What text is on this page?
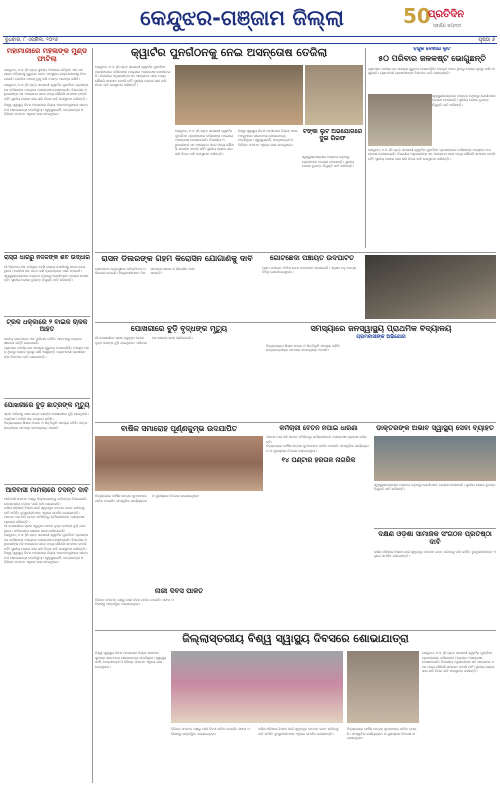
କେନ୍ଦୁଝର-ଗଞ୍ଜାମ ଜିଲ୍ଲା	50
ପ୍ରତିଦିନ
ସ୍ଵର୍ଣ୍ଣ ଜୟନ୍ତୀ
ବୁଧବାର, ୮ ଏପ୍ରିଲ, ୨୦୨୬	ପୃଷ୍ଠା ୬
ମହାମାରୀରେ ମହିଳାଙ୍କ ମୁଣ୍ଡ ଫାଟିଲା
କେନ୍ଦୁଝର, ୭।୪ (ନି.ପ୍ର): ସ୍ଥାନୀୟ ଅଞ୍ଚଳରେ ଘଟିଥିବା ଏକ ଘଟଣାରେ ମହିଳାଙ୍କୁ ଗୁରୁତର ଆହତ ଅବସ୍ଥାରେ ଡାକ୍ତରଖାନାକୁ ନିଆଯାଇଛି। ପୋଲିସ ମାମଲା ରୁଜୁ କରି ତଦନ୍ତ ଆରମ୍ଭ କରିଛି।
କେନ୍ଦୁଝର, ୭।୪ (ନି.ପ୍ର): ସରକାରୀ କ୍ୱାର୍ଟର ପୁନର୍ଗଠନ ପ୍ରସଙ୍ଗରେ ବାସିନ୍ଦାଙ୍କ ମଧ୍ୟରେ ଅସନ୍ତୋଷ ଦେଖାଦେଇଛି। ବିଭାଗୀୟ ଅଧିକାରୀଙ୍କ ସହ ଆଲୋଚନା ପରେ ମଧ୍ୟ କୌଣସି ସମାଧାନ ବାହାରି ନାହିଁ। ସ୍ଥାନୀୟ ଲୋକେ ସଭା କରି ନିଜର ଦାବି ଉପସ୍ଥାପନ କରିଛନ୍ତି।
ବିଶ୍ୱ ସ୍ୱାସ୍ଥ୍ୟ ଦିବସ ଅବସରରେ ଜିଲ୍ଲା ସଦରମହକୁମାରେ ସଚେତନତା ଶୋଭାଯାତ୍ରା ବାହାରିଥିଲା। ସ୍ୱାସ୍ଥ୍ୟକର୍ମୀ, ଛାତ୍ରଛାତ୍ରୀ ଓ ବିଭିନ୍ନ ସଂଗଠନ ଏଥିରେ ଭାଗ ନେଇଥିଲେ।
ରାସ୍ତା ଧାରରୁ ନିର୍ଦ୍ଦଳଙ୍କ ଶବ ଉଦ୍ଧାର
ଗାଁ ନିକଟରେ ଶବ ପଡ଼ିଥିବା ଦେଖି ଲୋକେ ପୋଲିସକୁ ଖବର ଦେଇଥିଲେ। ପୋଲିସ ଶବ ଜବତ କରି ବ୍ୟବଚ୍ଛେଦ ପାଇଁ ପଠାଇଛି।
ସ୍ୱାସ୍ଥ୍ୟକେନ୍ଦ୍ରରେ ଡାକ୍ତର ନଥିବାରୁ ରୋଗୀମାନେ ହଇରାଣ ହେଉଛନ୍ତି। ସ୍ଥାନୀୟ ଲୋକେ ତୁରନ୍ତ ନିଯୁକ୍ତି ଦାବି କରିଛନ୍ତି।
ଟ୍ରକ ଧକ୍କାରେ ୨ ବାଇକ ଚାଳକ ଆହତ
ଜାତୀୟ ରାଜପଥରେ ଏକ ଦୁର୍ଘଟଣା ଘଟିଛି। ଆହତଙ୍କୁ ଡାକ୍ତରଖାନାରେ ଭର୍ତ୍ତି କରାଯାଇଛି।
ଗ୍ରାମରେ ପାନୀୟ ଜଳ ସମସ୍ୟା ଗୁରୁତର ହୋଇପଡ଼ିଛି। ନଳକୂପ ଅଚଳ ଥିବାରୁ ଲୋକେ ଦୂରରୁ ପାଣି ଆଣୁଛନ୍ତି। ଗ୍ରାମବାସୀ ପ୍ରଶାସନଙ୍କ ନିକଟରେ ଦାବି ଜଣାଇଛନ୍ତି।
ପୋଖରୀରେ ବୁଡ଼ି ଛାତ୍ରଙ୍କ ମୃତ୍ୟୁ
ସ୍ନାନ କରିବାକୁ ଯାଇ ଛାତ୍ର ଜଣଙ୍କ ପୋଖରୀରେ ବୁଡ଼ି ଯାଇଥିଲେ। ଅଗ୍ନିଶମ ବାହିନୀ ଶବ ଉଦ୍ଧାର କରିଛି।
ବିଦ୍ୟାଳୟରେ ଶିକ୍ଷକ ଅଭାବ ଓ ଭିତ୍ତିଭୂମି ସମସ୍ୟା ରହିଛି। ଛାତ୍ରଛାତ୍ରୀଙ୍କ ପାଠପଢ଼ା ବାଧାପ୍ରାପ୍ତ ହେଉଛି।
ଆଦିବାସୀ ମାମଲାରେ ତଦନ୍ତ ଦାବି
ଆଦିବାସୀ ସଂଗଠନ ପକ୍ଷରୁ ଜିଲ୍ଲାପାଳଙ୍କୁ ଦାବିପତ୍ର ଦିଆଯାଇଛି। ଉଚ୍ଚସ୍ତରୀୟ ତଦନ୍ତ ପାଇଁ ଦାବି କରାଯାଇଛି।
ଦକ୍ଷିଣ ଓଡ଼ିଶାର ବିକାଶ ପାଇଁ ସ୍ୱତନ୍ତ୍ର ସଂଗଠନ ଗଠନ କରିବାକୁ ଦାବି ଉଠିଛି। ବୁଦ୍ଧିଜୀବୀମାନେ ଏଥିରେ ସମର୍ଥନ ଜଣାଇଛନ୍ତି।
ଅନେକ ମାସ ଧରି ବେତନ ନମିଳିବାରୁ କର୍ମଚାରୀମାନେ ଅସନ୍ତୋଷ ପ୍ରକାଶ କରିଛନ୍ତି।
ଗାଁ ପୋଖରୀରେ ସ୍ନାନ କରୁଥିବା ବେଳେ ବୃଦ୍ଧ ଜଣଙ୍କ ବୁଡ଼ି ଯାଇଥିଲେ। ପରିବାରରେ ଶୋକର ଛାୟା ଖେଳିଯାଇଛି।
କେନ୍ଦୁଝର, ୭।୪ (ନି.ପ୍ର): ସରକାରୀ କ୍ୱାର୍ଟର ପୁନର୍ଗଠନ ପ୍ରସଙ୍ଗରେ ବାସିନ୍ଦାଙ୍କ ମଧ୍ୟରେ ଅସନ୍ତୋଷ ଦେଖାଦେଇଛି। ବିଭାଗୀୟ ଅଧିକାରୀଙ୍କ ସହ ଆଲୋଚନା ପରେ ମଧ୍ୟ କୌଣସି ସମାଧାନ ବାହାରି ନାହିଁ। ସ୍ଥାନୀୟ ଲୋକେ ସଭା କରି ନିଜର ଦାବି ଉପସ୍ଥାପନ କରିଛନ୍ତି।
ବିଶ୍ୱ ସ୍ୱାସ୍ଥ୍ୟ ଦିବସ ଅବସରରେ ଜିଲ୍ଲା ସଦରମହକୁମାରେ ସଚେତନତା ଶୋଭାଯାତ୍ରା ବାହାରିଥିଲା। ସ୍ୱାସ୍ଥ୍ୟକର୍ମୀ, ଛାତ୍ରଛାତ୍ରୀ ଓ ବିଭିନ୍ନ ସଂଗଠନ ଏଥିରେ ଭାଗ ନେଇଥିଲେ।
କ୍ୱାର୍ଟର ପୁନର୍ଗଠନକୁ ନେଇ ଅସନ୍ତୋଷ ତେଜିଲା
କେନ୍ଦୁଝର, ୭।୪ (ନି.ପ୍ର): ସରକାରୀ କ୍ୱାର୍ଟର ପୁନର୍ଗଠନ ପ୍ରସଙ୍ଗରେ ବାସିନ୍ଦାଙ୍କ ମଧ୍ୟରେ ଅସନ୍ତୋଷ ଦେଖାଦେଇଛି। ବିଭାଗୀୟ ଅଧିକାରୀଙ୍କ ସହ ଆଲୋଚନା ପରେ ମଧ୍ୟ କୌଣସି ସମାଧାନ ବାହାରି ନାହିଁ। ସ୍ଥାନୀୟ ଲୋକେ ସଭା କରି ନିଜର ଦାବି ଉପସ୍ଥାପନ କରିଛନ୍ତି।
କେନ୍ଦୁଝର, ୭।୪ (ନି.ପ୍ର): ସରକାରୀ କ୍ୱାର୍ଟର ପୁନର୍ଗଠନ ପ୍ରସଙ୍ଗରେ ବାସିନ୍ଦାଙ୍କ ମଧ୍ୟରେ ଅସନ୍ତୋଷ ଦେଖାଦେଇଛି। ବିଭାଗୀୟ ଅଧିକାରୀଙ୍କ ସହ ଆଲୋଚନା ପରେ ମଧ୍ୟ କୌଣସି ସମାଧାନ ବାହାରି ନାହିଁ। ସ୍ଥାନୀୟ ଲୋକେ ସଭା କରି ନିଜର ଦାବି ଉପସ୍ଥାପନ କରିଛନ୍ତି।
ବିଶ୍ୱ ସ୍ୱାସ୍ଥ୍ୟ ଦିବସ ଅବସରରେ ଜିଲ୍ଲା ସଦରମହକୁମାରେ ସଚେତନତା ଶୋଭାଯାତ୍ରା ବାହାରିଥିଲା। ସ୍ୱାସ୍ଥ୍ୟକର୍ମୀ, ଛାତ୍ରଛାତ୍ରୀ ଓ ବିଭିନ୍ନ ସଂଗଠନ ଏଥିରେ ଭାଗ ନେଇଥିଲେ।
ଟଙ୍କା ଲୁଟ ଅଭିଯୋଗରେ ଦୁଇ ଗିରଫ
ସ୍ୱାସ୍ଥ୍ୟକେନ୍ଦ୍ରରେ ଡାକ୍ତର ନଥିବାରୁ ରୋଗୀମାନେ ହଇରାଣ ହେଉଛନ୍ତି। ସ୍ଥାନୀୟ ଲୋକେ ତୁରନ୍ତ ନିଯୁକ୍ତି ଦାବି କରିଛନ୍ତି।
ବନ୍ଦୁକ ଦେଖାଇ ଲୁଟ
୫୦ ପରିବାର ଜଳକଷ୍ଟ ଭୋଗୁଛନ୍ତି
ଗ୍ରାମରେ ପାନୀୟ ଜଳ ସମସ୍ୟା ଗୁରୁତର ହୋଇପଡ଼ିଛି। ନଳକୂପ ଅଚଳ ଥିବାରୁ ଲୋକେ ଦୂରରୁ ପାଣି ଆଣୁଛନ୍ତି। ଗ୍ରାମବାସୀ ପ୍ରଶାସନଙ୍କ ନିକଟରେ ଦାବି ଜଣାଇଛନ୍ତି।
ସ୍ୱାସ୍ଥ୍ୟକେନ୍ଦ୍ରରେ ଡାକ୍ତର ନଥିବାରୁ ରୋଗୀମାନେ ହଇରାଣ ହେଉଛନ୍ତି। ସ୍ଥାନୀୟ ଲୋକେ ତୁରନ୍ତ ନିଯୁକ୍ତି ଦାବି କରିଛନ୍ତି।
କେନ୍ଦୁଝର, ୭।୪ (ନି.ପ୍ର): ସରକାରୀ କ୍ୱାର୍ଟର ପୁନର୍ଗଠନ ପ୍ରସଙ୍ଗରେ ବାସିନ୍ଦାଙ୍କ ମଧ୍ୟରେ ଅସନ୍ତୋଷ ଦେଖାଦେଇଛି। ବିଭାଗୀୟ ଅଧିକାରୀଙ୍କ ସହ ଆଲୋଚନା ପରେ ମଧ୍ୟ କୌଣସି ସମାଧାନ ବାହାରି ନାହିଁ। ସ୍ଥାନୀୟ ଲୋକେ ସଭା କରି ନିଜର ଦାବି ଉପସ୍ଥାପନ କରିଛନ୍ତି।
ରାସନ ଡିଲରଙ୍କ ଗହମ କିରୋସିନ ଯୋଗାଣକୁ ଦାବି
ଗଣବଣ୍ଟନ ବ୍ୟବସ୍ଥାରେ ଅନିୟମିତତା ଅଭିଯୋଗ ହୋଇଛି। ହିତାଧିକାରୀମାନେ ଠିକ ସମୟରେ ଚାଉଳ ଓ କିରୋସିନ ପାଉନାହାନ୍ତି।
ଗୋଟଛେଦା ପଞ୍ଚାୟତ ଉଦଘାଟିତ
ଗ୍ରାମ ପଞ୍ଚାୟତ ଅଫିସ ଭବନ ଉଦଘାଟନ କରାଯାଇଛି। ଏଥିରେ ବହୁ ଜନପ୍ରତିନିଧି ଯୋଗଦେଇଥିଲେ।
ପୋଖରୀରେ ବୁଡ଼ି ବୃଦ୍ଧଙ୍କ ମୃତ୍ୟୁ
ଗାଁ ପୋଖରୀରେ ସ୍ନାନ କରୁଥିବା ବେଳେ ବୃଦ୍ଧ ଜଣଙ୍କ ବୁଡ଼ି ଯାଇଥିଲେ। ପରିବାରରେ ଶୋକର ଛାୟା ଖେଳିଯାଇଛି।
ସମସ୍ୟାରେ ଜନସ୍ୱାସ୍ଥ୍ୟ ପ୍ରାଥମିକ ବିଦ୍ୟାଳୟ
ଗ୍ରାମବାସୀଙ୍କ ଅଭିଯୋଗ
ବିଦ୍ୟାଳୟରେ ଶିକ୍ଷକ ଅଭାବ ଓ ଭିତ୍ତିଭୂମି ସମସ୍ୟା ରହିଛି। ଛାତ୍ରଛାତ୍ରୀଙ୍କ ପାଠପଢ଼ା ବାଧାପ୍ରାପ୍ତ ହେଉଛି।
ବାର୍ଷିକ ସମାରୋହ ପୂର୍ଣ୍ଣକୁମ୍ଭ ଉଦଯାପିତ
ବିଦ୍ୟାଳୟର ବାର୍ଷିକ ଉତ୍ସବ ଧୁମଧାମରେ ପାଳିତ ହୋଇଛି। ସାଂସ୍କୃତିକ କାର୍ଯ୍ୟକ୍ରମ ଓ ପୁରସ୍କାର ବିତରଣ କରାଯାଇଥିଲା।
କର୍ମଚାରୀ ବେତନ ନପାଇ ଧାରଣା
ଅନେକ ମାସ ଧରି ବେତନ ନମିଳିବାରୁ କର୍ମଚାରୀମାନେ ଅସନ୍ତୋଷ ପ୍ରକାଶ କରିଛନ୍ତି।
ବିଦ୍ୟାଳୟର ବାର୍ଷିକ ଉତ୍ସବ ଧୁମଧାମରେ ପାଳିତ ହୋଇଛି। ସାଂସ୍କୃତିକ କାର୍ଯ୍ୟକ୍ରମ ଓ ପୁରସ୍କାର ବିତରଣ କରାଯାଇଥିଲା।
୧୪ ଘଣ୍ଟାର ହରତାଳ ନାଗରିକ
ଡାକ୍ତରଙ୍କ ଅଭାବ ସ୍ୱାସ୍ଥ୍ୟ ସେବା ବ୍ୟାହତ
ସ୍ୱାସ୍ଥ୍ୟକେନ୍ଦ୍ରରେ ଡାକ୍ତର ନଥିବାରୁ ରୋଗୀମାନେ ହଇରାଣ ହେଉଛନ୍ତି। ସ୍ଥାନୀୟ ଲୋକେ ତୁରନ୍ତ ନିଯୁକ୍ତି ଦାବି କରିଛନ୍ତି।
ଦକ୍ଷିଣ ଓଡ଼ିଶା ସାମାଜିକ ସଂଗଠନ ପ୍ରତିଷ୍ଠା ଦାବି
ଦକ୍ଷିଣ ଓଡ଼ିଶାର ବିକାଶ ପାଇଁ ସ୍ୱତନ୍ତ୍ର ସଂଗଠନ ଗଠନ କରିବାକୁ ଦାବି ଉଠିଛି। ବୁଦ୍ଧିଜୀବୀମାନେ ଏଥିରେ ସମର୍ଥନ ଜଣାଇଛନ୍ତି।
ନାରୀ ଦିବସ ପାଳିତ
ବିଭିନ୍ନ ସଂଗଠନ ପକ୍ଷରୁ ନାରୀ ଦିବସ ପାଳିତ ହୋଇଛି। ସଫଳ ମହିଳାଙ୍କୁ ସମ୍ବର୍ଦ୍ଧିତ କରାଯାଇଥିଲା।
ଜିଲ୍ଲାସ୍ତରୀୟ ବିଶ୍ୱ ସ୍ୱାସ୍ଥ୍ୟ ଦିବସରେ ଶୋଭାଯାତ୍ରା
ବିଶ୍ୱ ସ୍ୱାସ୍ଥ୍ୟ ଦିବସ ଅବସରରେ ଜିଲ୍ଲା ସଦରମହକୁମାରେ ସଚେତନତା ଶୋଭାଯାତ୍ରା ବାହାରିଥିଲା। ସ୍ୱାସ୍ଥ୍ୟକର୍ମୀ, ଛାତ୍ରଛାତ୍ରୀ ଓ ବିଭିନ୍ନ ସଂଗଠନ ଏଥିରେ ଭାଗ ନେଇଥିଲେ।
ବିଭିନ୍ନ ସଂଗଠନ ପକ୍ଷରୁ ନାରୀ ଦିବସ ପାଳିତ ହୋଇଛି। ସଫଳ ମହିଳାଙ୍କୁ ସମ୍ବର୍ଦ୍ଧିତ କରାଯାଇଥିଲା।
ଦକ୍ଷିଣ ଓଡ଼ିଶାର ବିକାଶ ପାଇଁ ସ୍ୱତନ୍ତ୍ର ସଂଗଠନ ଗଠନ କରିବାକୁ ଦାବି ଉଠିଛି। ବୁଦ୍ଧିଜୀବୀମାନେ ଏଥିରେ ସମର୍ଥନ ଜଣାଇଛନ୍ତି।
କେନ୍ଦୁଝର, ୭।୪ (ନି.ପ୍ର): ସରକାରୀ କ୍ୱାର୍ଟର ପୁନର୍ଗଠନ ପ୍ରସଙ୍ଗରେ ବାସିନ୍ଦାଙ୍କ ମଧ୍ୟରେ ଅସନ୍ତୋଷ ଦେଖାଦେଇଛି। ବିଭାଗୀୟ ଅଧିକାରୀଙ୍କ ସହ ଆଲୋଚନା ପରେ ମଧ୍ୟ କୌଣସି ସମାଧାନ ବାହାରି ନାହିଁ। ସ୍ଥାନୀୟ ଲୋକେ ସଭା କରି ନିଜର ଦାବି ଉପସ୍ଥାପନ କରିଛନ୍ତି।
ବିଦ୍ୟାଳୟର ବାର୍ଷିକ ଉତ୍ସବ ଧୁମଧାମରେ ପାଳିତ ହୋଇଛି। ସାଂସ୍କୃତିକ କାର୍ଯ୍ୟକ୍ରମ ଓ ପୁରସ୍କାର ବିତରଣ କରାଯାଇଥିଲା।
